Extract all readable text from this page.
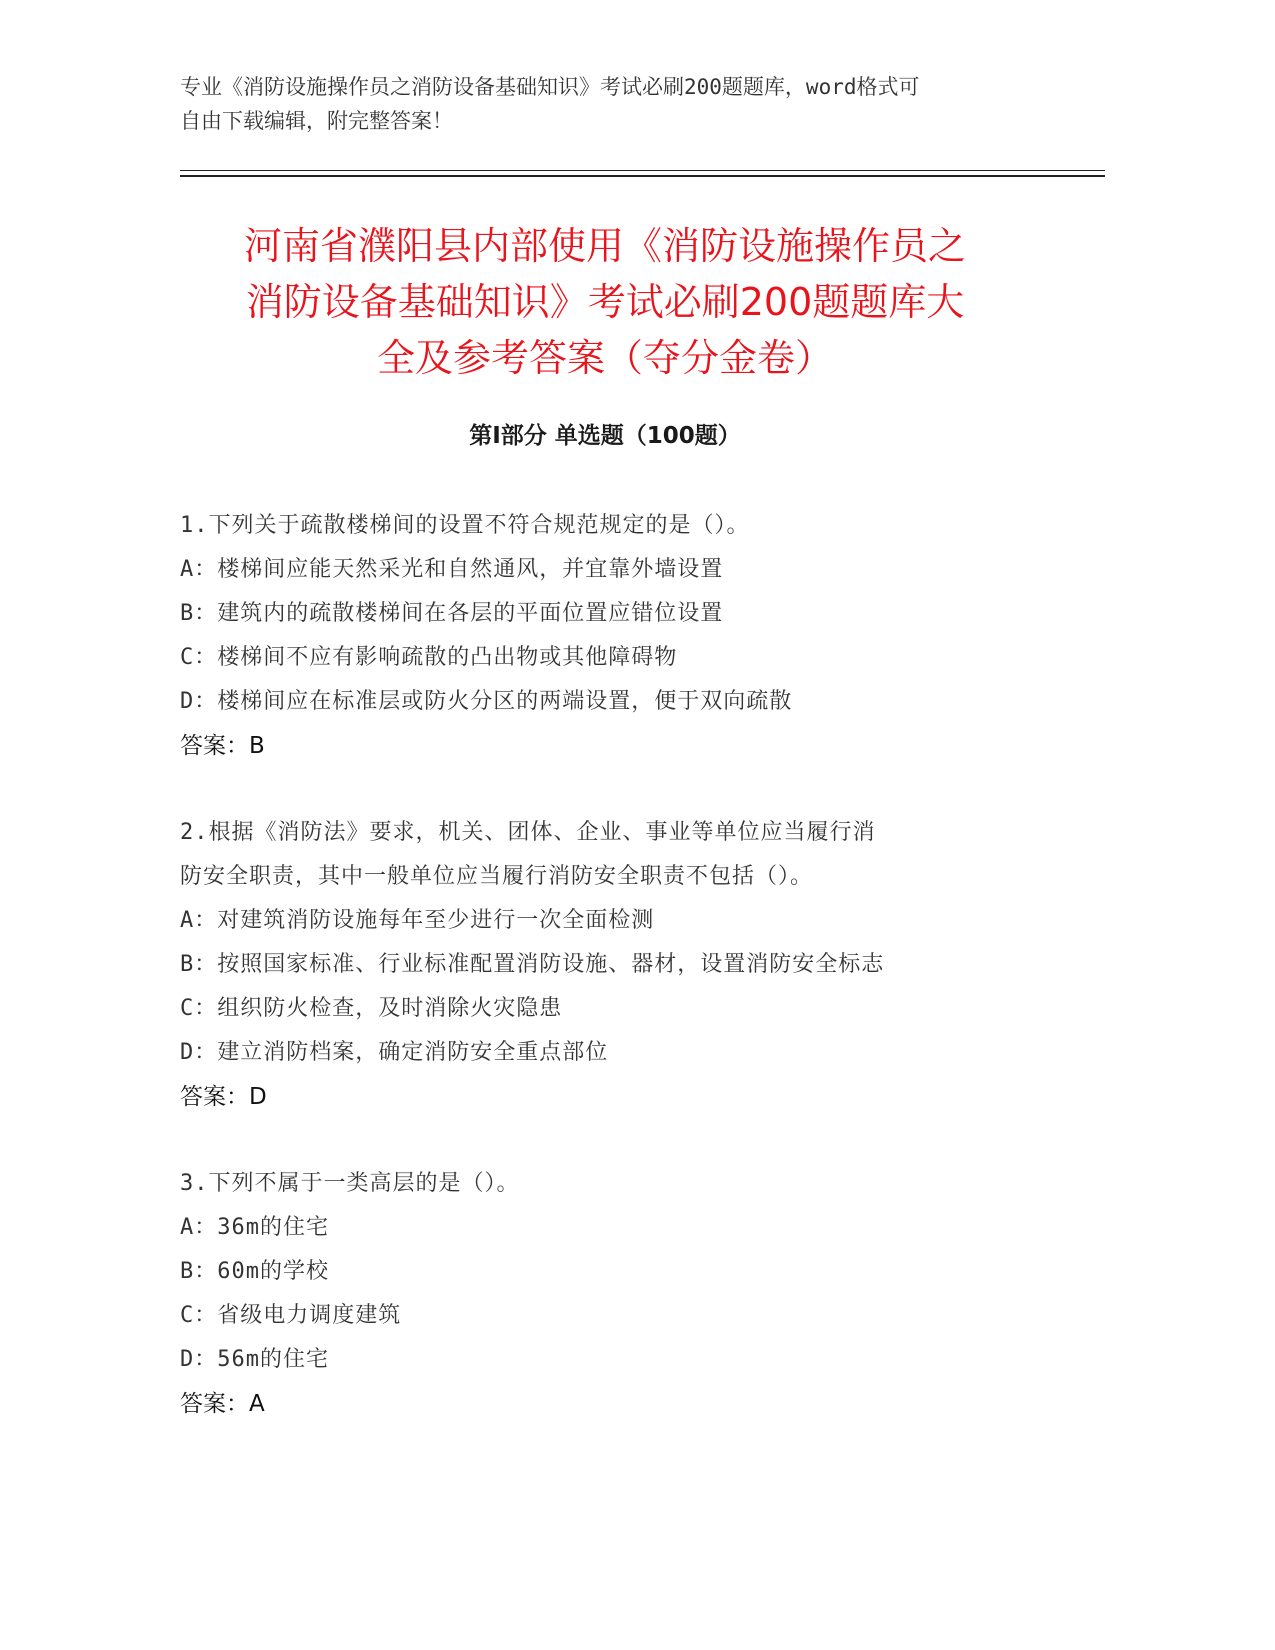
专业《消防设施操作员之消防设备基础知识》考试必刷200题题库，word格式可
自由下载编辑，附完整答案！
河南省濮阳县内部使用《消防设施操作员之
消防设备基础知识》考试必刷200题题库大
全及参考答案（夺分金卷）
第Ⅰ部分 单选题（100题）
1.下列关于疏散楼梯间的设置不符合规范规定的是（）。
A：楼梯间应能天然采光和自然通风，并宜靠外墙设置
B：建筑内的疏散楼梯间在各层的平面位置应错位设置
C：楼梯间不应有影响疏散的凸出物或其他障碍物
D：楼梯间应在标准层或防火分区的两端设置，便于双向疏散
答案：B
2.根据《消防法》要求，机关、团体、企业、事业等单位应当履行消
防安全职责，其中一般单位应当履行消防安全职责不包括（）。
A：对建筑消防设施每年至少进行一次全面检测
B：按照国家标准、行业标准配置消防设施、器材，设置消防安全标志
C：组织防火检查，及时消除火灾隐患
D：建立消防档案，确定消防安全重点部位
答案：D
3.下列不属于一类高层的是（）。
A：36m的住宅
B：60m的学校
C：省级电力调度建筑
D：56m的住宅
答案：A
